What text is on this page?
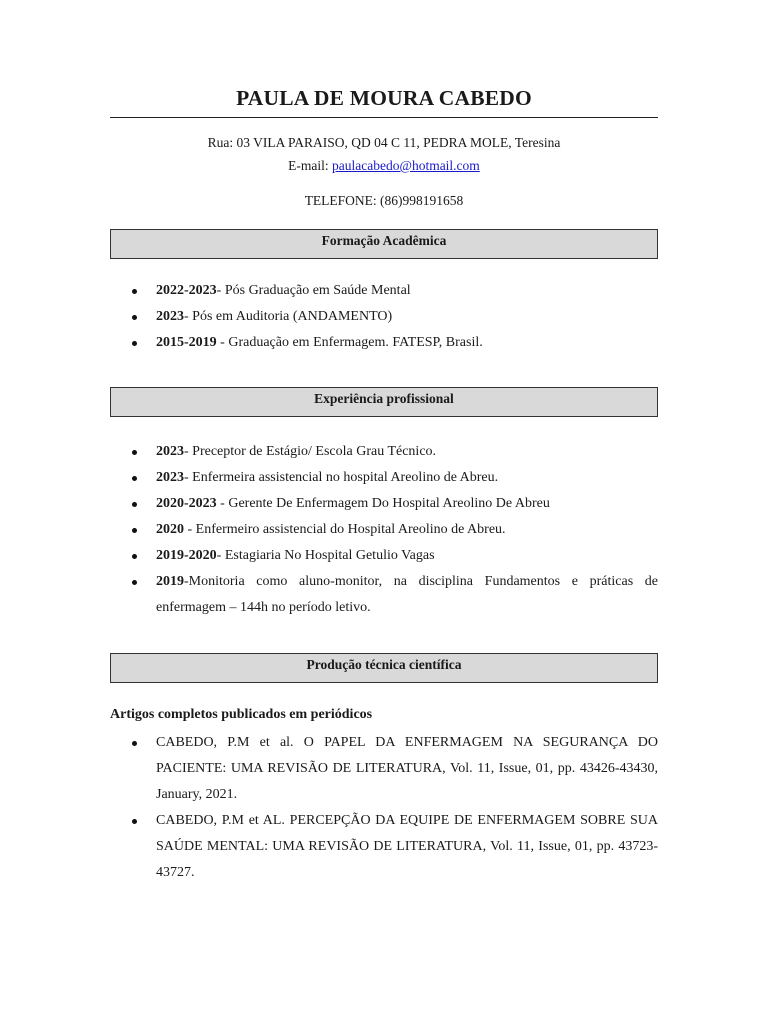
PAULA DE MOURA CABEDO
Rua: 03 VILA PARAISO, QD 04 C 11, PEDRA MOLE, Teresina
E-mail: paulacabedo@hotmail.com
TELEFONE: (86)998191658
Formação Acadêmica
2022-2023- Pós Graduação em Saúde Mental
2023- Pós em Auditoria (ANDAMENTO)
2015-2019 - Graduação em Enfermagem. FATESP, Brasil.
Experiência profissional
2023- Preceptor de Estágio/ Escola Grau Técnico.
2023- Enfermeira assistencial no hospital Areolino de Abreu.
2020-2023 - Gerente De Enfermagem Do Hospital Areolino De Abreu
2020 - Enfermeiro assistencial do Hospital Areolino de Abreu.
2019-2020- Estagiaria No Hospital Getulio Vagas
2019-Monitoria como aluno-monitor, na disciplina Fundamentos e práticas de enfermagem – 144h no período letivo.
Produção técnica científica
Artigos completos publicados em periódicos
CABEDO, P.M et al. O PAPEL DA ENFERMAGEM NA SEGURANÇA DO PACIENTE: UMA REVISÃO DE LITERATURA, Vol. 11, Issue, 01, pp. 43426-43430, January, 2021.
CABEDO, P.M et AL. PERCEPÇÃO DA EQUIPE DE ENFERMAGEM SOBRE SUA SAÚDE MENTAL: UMA REVISÃO DE LITERATURA, Vol. 11, Issue, 01, pp. 43723-43727.
